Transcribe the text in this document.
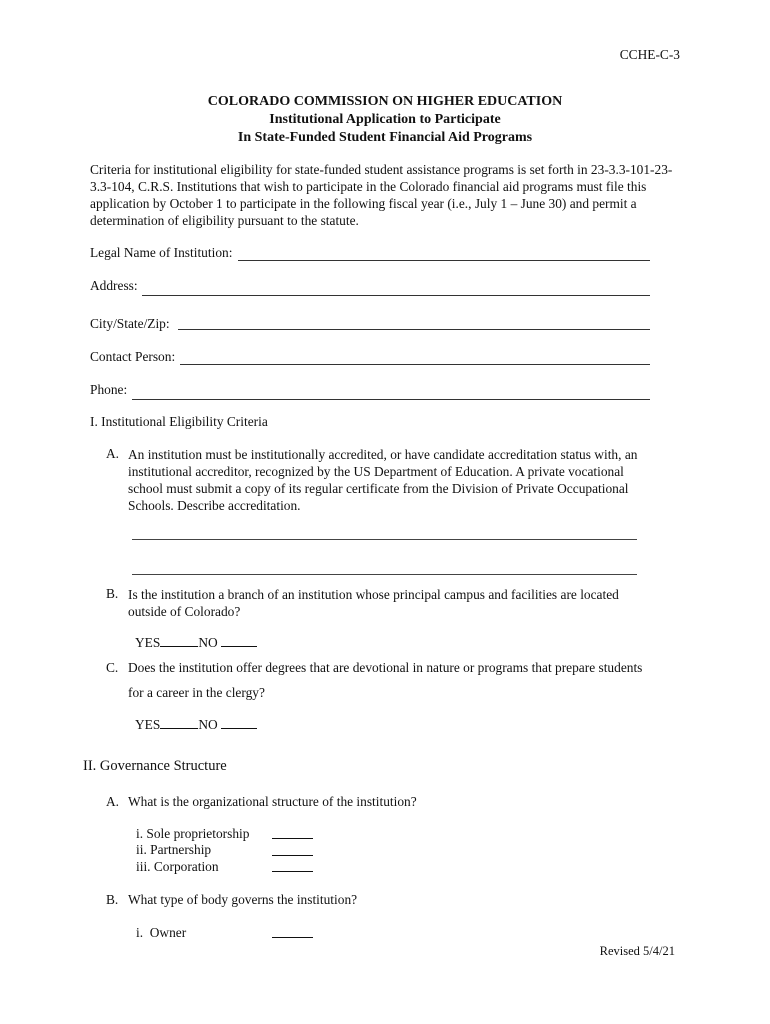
CCHE-C-3
COLORADO COMMISSION ON HIGHER EDUCATION
Institutional Application to Participate
In State-Funded Student Financial Aid Programs
Criteria for institutional eligibility for state-funded student assistance programs is set forth in 23-3.3-101-23-3.3-104, C.R.S. Institutions that wish to participate in the Colorado financial aid programs must file this application by October 1 to participate in the following fiscal year (i.e., July 1 – June 30) and permit a determination of eligibility pursuant to the statute.
Legal Name of Institution:
Address:
City/State/Zip:
Contact Person:
Phone:
I. Institutional Eligibility Criteria
A. An institution must be institutionally accredited, or have candidate accreditation status with, an institutional accreditor, recognized by the US Department of Education. A private vocational school must submit a copy of its regular certificate from the Division of Private Occupational Schools. Describe accreditation.
B. Is the institution a branch of an institution whose principal campus and facilities are located outside of Colorado?
YES	NO
C. Does the institution offer degrees that are devotional in nature or programs that prepare students
for a career in the clergy?
YES	NO
II. Governance Structure
A. What is the organizational structure of the institution?
i. Sole proprietorship
ii. Partnership
iii. Corporation
B. What type of body governs the institution?
i.  Owner
Revised 5/4/21
